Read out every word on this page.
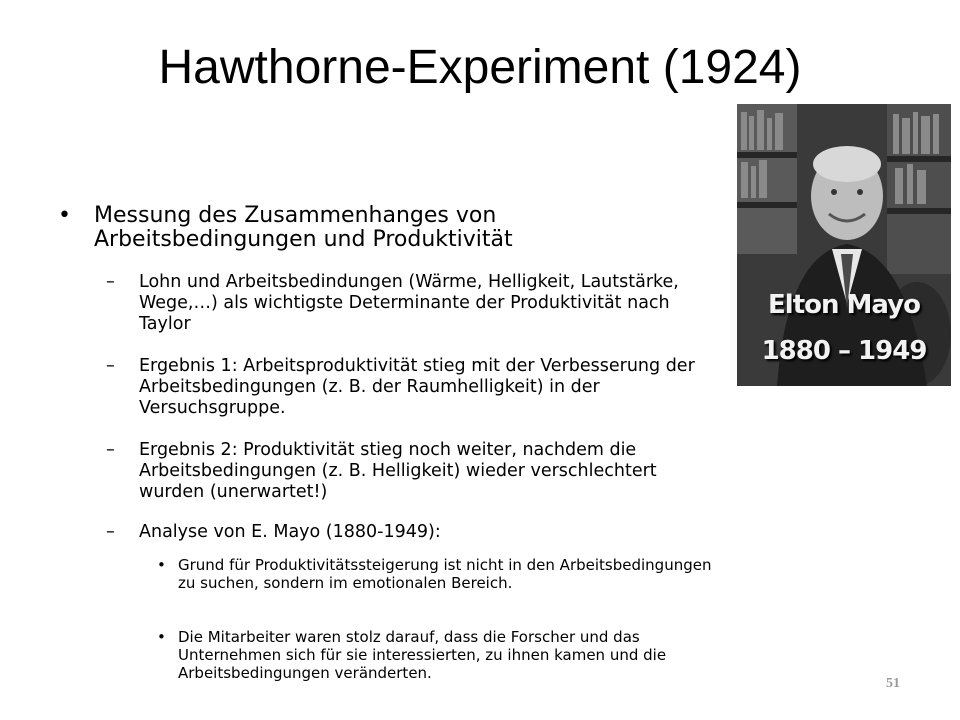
Hawthorne-Experiment (1924)
• Messung des Zusammenhanges von Arbeitsbedingungen und Produktivität

– Lohn und Arbeitsbedindungen (Wärme, Helligkeit, Lautstärke, Wege,…) als wichtigste Determinante der Produktivität nach Taylor

– Ergebnis 1: Arbeitsproduktivität stieg mit der Verbesserung der Arbeitsbedingungen (z. B. der Raumhelligkeit) in der Versuchsgruppe.

– Ergebnis 2: Produktivität stieg noch weiter, nachdem die Arbeitsbedingungen (z. B. Helligkeit) wieder verschlechtert wurden (unerwartet!)

– Analyse von E. Mayo (1880-1949):

• Grund für Produktivitätssteigerung ist nicht in den Arbeitsbedingungen zu suchen, sondern im emotionalen Bereich.

• Die Mitarbeiter waren stolz darauf, dass die Forscher und das Unternehmen sich für sie interessierten, zu ihnen kamen und die Arbeitsbedingungen veränderten.

Elton Mayo
1880 – 1949
51
